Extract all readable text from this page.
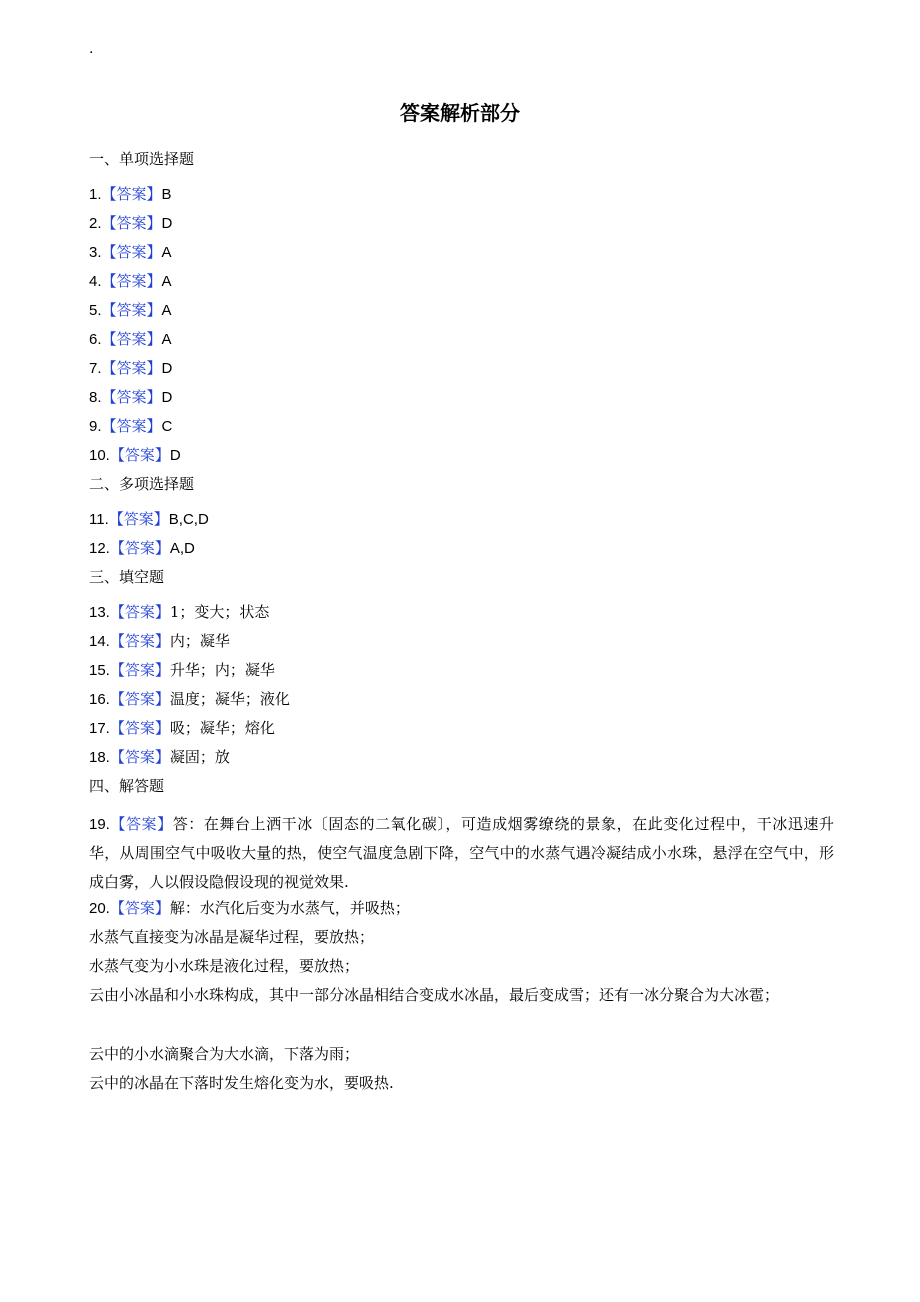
.
答案解析部分
一、单项选择题
1.【答案】B
2.【答案】D
3.【答案】A
4.【答案】A
5.【答案】A
6.【答案】A
7.【答案】D
8.【答案】D
9.【答案】C
10.【答案】D
二、多项选择题
11.【答案】B,C,D
12.【答案】A,D
三、填空题
13.【答案】1；变大；状态
14.【答案】内；凝华
15.【答案】升华；内；凝华
16.【答案】温度；凝华；液化
17.【答案】吸；凝华；熔化
18.【答案】凝固；放
四、解答题
19.【答案】答：在舞台上洒干冰〔固态的二氧化碳〕，可造成烟雾缭绕的景象，在此变化过程中，干冰迅速升华，从周围空气中吸收大量的热，使空气温度急剧下降，空气中的水蒸气遇冷凝结成小水珠，悬浮在空气中，形成白雾，人以假设隐假设现的视觉效果.
20.【答案】解：水汽化后变为水蒸气，并吸热；
水蒸气直接变为冰晶是凝华过程，要放热；
水蒸气变为小水珠是液化过程，要放热；
云由小冰晶和小水珠构成，其中一部分冰晶相结合变成水冰晶，最后变成雪；还有一冰分聚合为大冰雹；
云中的小水滴聚合为大水滴，下落为雨；
云中的冰晶在下落时发生熔化变为水，要吸热.
